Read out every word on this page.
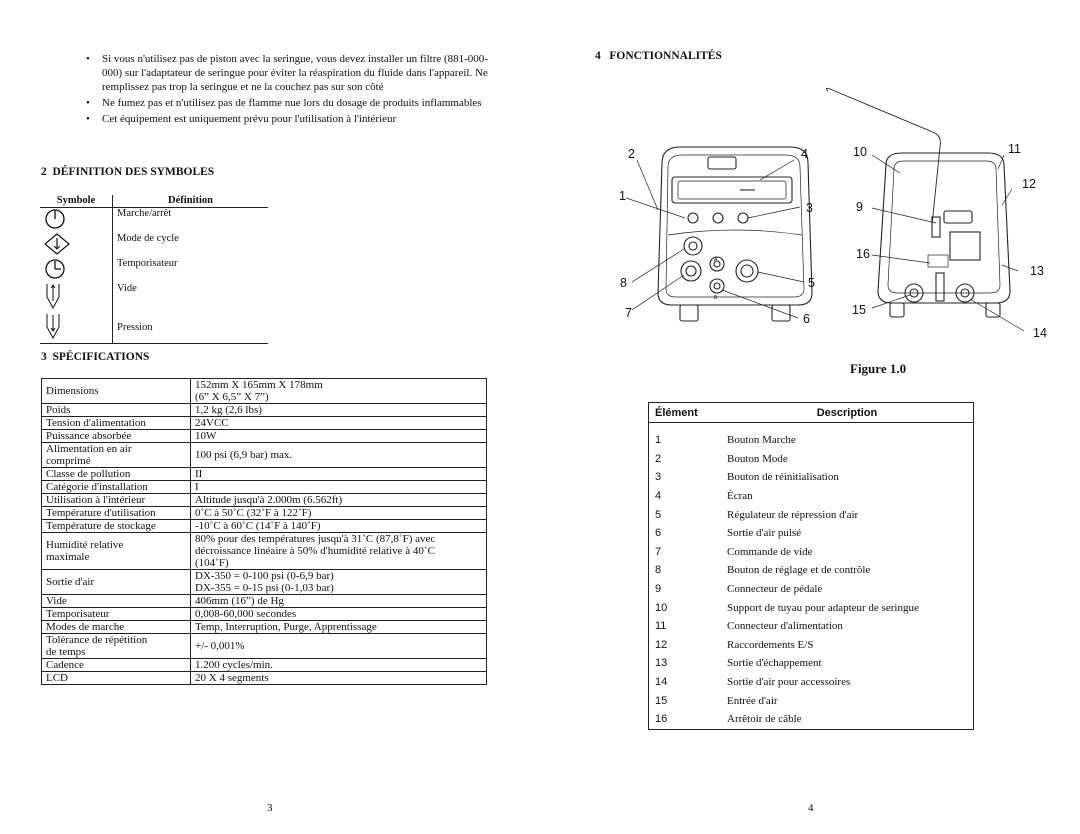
• Si vous n'utilisez pas de piston avec la seringue, vous devez installer un filtre (881-000-000) sur l'adaptateur de seringue pour éviter la réaspiration du fluide dans l'appareil. Ne remplissez pas trop la seringue et ne la couchez pas sur son côté
• Ne fumez pas et n'utilisez pas de flamme nue lors du dosage de produits inflammables
• Cet équipement est uniquement prévu pour l'utilisation à l'intérieur
2 DÉFINITION DES SYMBOLES
Symbole	Définition
	Marche/arrêt
	Mode de cycle
	Temporisateur
	Vide
	Pression
3 SPÉCIFICATIONS
Dimensions	152mm X 165mm X 178mm
(6” X 6,5” X 7”)
Poids	1,2 kg (2,6 lbs)
Tension d'alimentation	24VCC
Puissance absorbée	10W
Alimentation en air
comprimé	100 psi (6,9 bar) max.
Classe de pollution	II
Catégorie d'installation	I
Utilisation à l'intérieur	Altitude jusqu'à 2.000m (6.562ft)
Température d'utilisation	0˚C à 50˚C (32˚F à 122˚F)
Température de stockage	-10˚C à 60˚C (14˚F à 140˚F)
Humidité relative
maximale	80% pour des températures jusqu'à 31˚C (87,8˚F) avec
décroissance linéaire à 50% d'humidité relative à 40˚C
(104˚F)
Sortie d'air	DX-350 = 0-100 psi (0-6,9 bar)
DX-355 = 0-15 psi (0-1,03 bar)
Vide	406mm (16”) de Hg
Temporisateur	0,008-60,000 secondes
Modes de marche	Temp, Interruption, Purge, Apprentissage
Tolérance de répétition
de temps	+/- 0,001%
Cadence	1.200 cycles/min.
LCD	20 X 4 segments
3
4 FONCTIONNALITÉS
A
B
2	4
1
3
8	5
7	6
10	11
12
9
16
13
15
14
Figure 1.0
Élément	Description
1	Bouton Marche
2	Bouton Mode
3	Bouton de réinitialisation
4	Écran
5	Régulateur de répression d'air
6	Sortie d'air pulsé
7	Commande de vide
8	Bouton de réglage et de contrôle
9	Connecteur de pédale
10	Support de tuyau pour adapteur de seringue
11	Connecteur d'alimentation
12	Raccordements E/S
13	Sortie d'échappement
14	Sortie d'air pour accessoires
15	Entrée d'air
16	Arrêtoir de câble
4
